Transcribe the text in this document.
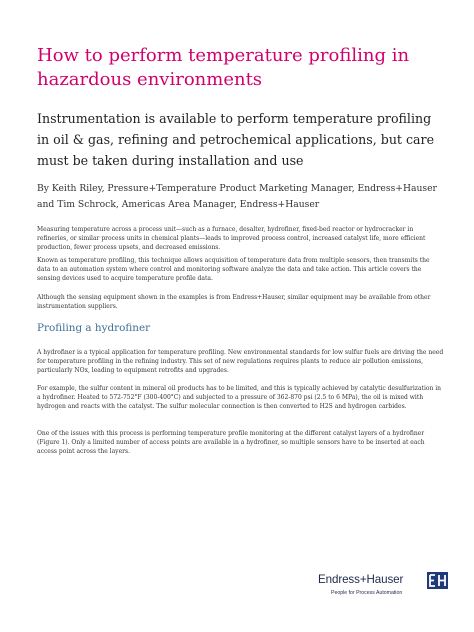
How to perform temperature profiling in hazardous environments

Instrumentation is available to perform temperature profiling in oil & gas, refining and petrochemical applications, but care must be taken during installation and use

By Keith Riley, Pressure+Temperature Product Marketing Manager, Endress+Hauser and Tim Schrock, Americas Area Manager, Endress+Hauser

Measuring temperature across a process unit—such as a furnace, desalter, hydrofiner, fixed-bed reactor or hydrocracker in refineries, or similar process units in chemical plants—leads to improved process control, increased catalyst life, more efficient production, fewer process upsets, and decreased emissions.

Known as temperature profiling, this technique allows acquisition of temperature data from multiple sensors, then transmits the data to an automation system where control and monitoring software analyze the data and take action. This article covers the sensing devices used to acquire temperature profile data.

Although the sensing equipment shown in the examples is from Endress+Hauser, similar equipment may be available from other instrumentation suppliers.

Profiling a hydrofiner

A hydrofiner is a typical application for temperature profiling. New environmental standards for low sulfur fuels are driving the need for temperature profiling in the refining industry. This set of new regulations requires plants to reduce air pollution emissions, particularly NOx, leading to equipment retrofits and upgrades.

For example, the sulfur content in mineral oil products has to be limited, and this is typically achieved by catalytic desulfurization in a hydrofiner. Heated to 572-752°F (300-400°C) and subjected to a pressure of 362-870 psi (2.5 to 6 MPa), the oil is mixed with hydrogen and reacts with the catalyst. The sulfur molecular connection is then converted to H2S and hydrogen carbides.

One of the issues with this process is performing temperature profile monitoring at the different catalyst layers of a hydrofiner (Figure 1). Only a limited number of access points are available in a hydrofiner, so multiple sensors have to be inserted at each access point across the layers.

Endress+Hauser
People for Process Automation
